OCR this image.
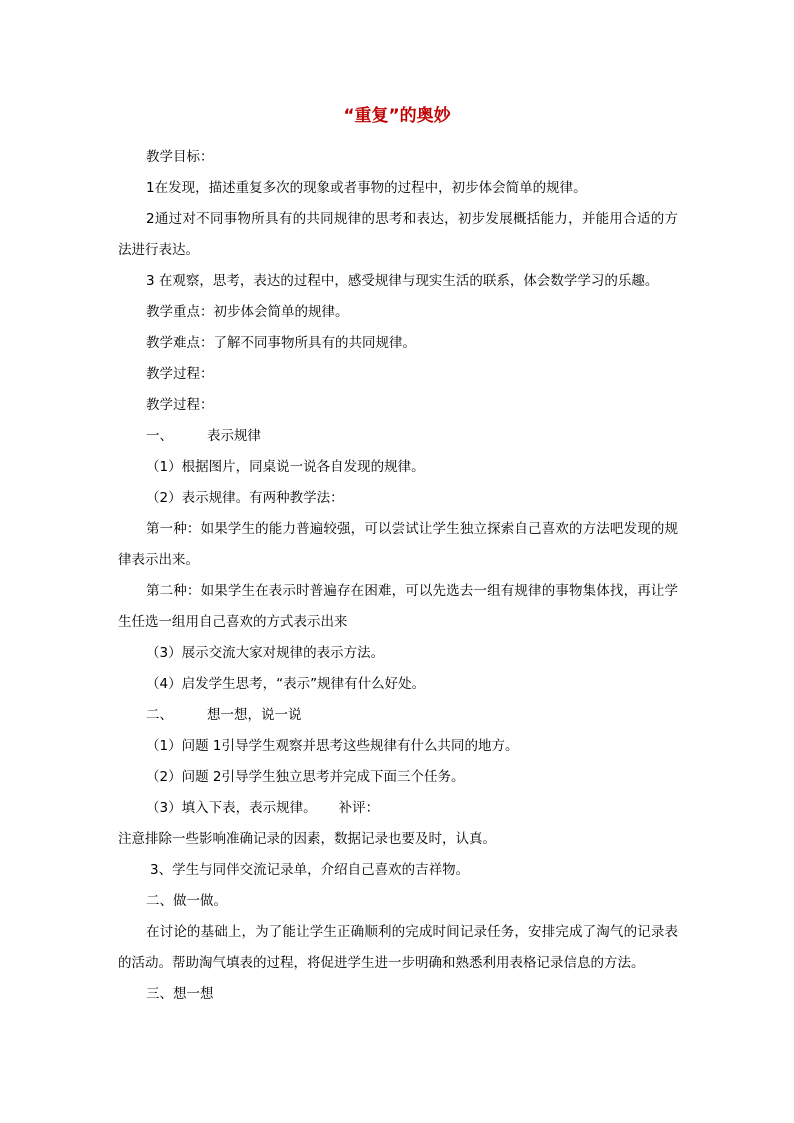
“重复”的奥妙

教学目标：

1在发现，描述重复多次的现象或者事物的过程中，初步体会简单的规律。

2通过对不同事物所具有的共同规律的思考和表达，初步发展概括能力，并能用合适的方法进行表达。

3 在观察，思考，表达的过程中，感受规律与现实生活的联系，体会数学学习的乐趣。

教学重点：初步体会简单的规律。

教学难点：了解不同事物所具有的共同规律。

教学过程：

教学过程：

一、	表示规律

（1）根据图片，同桌说一说各自发现的规律。

（2）表示规律。有两种教学法：

第一种：如果学生的能力普遍较强，可以尝试让学生独立探索自己喜欢的方法吧发现的规律表示出来。

第二种：如果学生在表示时普遍存在困难，可以先选去一组有规律的事物集体找，再让学生任选一组用自己喜欢的方式表示出来

（3）展示交流大家对规律的表示方法。

（4）启发学生思考，“表示”规律有什么好处。

二、	想一想，说一说

（1）问题 1引导学生观察并思考这些规律有什么共同的地方。

（2）问题 2引导学生独立思考并完成下面三个任务。

（3）填入下表，表示规律。 补评：

注意排除一些影响准确记录的因素，数据记录也要及时，认真。

3、学生与同伴交流记录单，介绍自己喜欢的吉祥物。

二、做一做。

在讨论的基础上，为了能让学生正确顺利的完成时间记录任务，安排完成了淘气的记录表的活动。帮助淘气填表的过程，将促进学生进一步明确和熟悉利用表格记录信息的方法。

三、想一想
